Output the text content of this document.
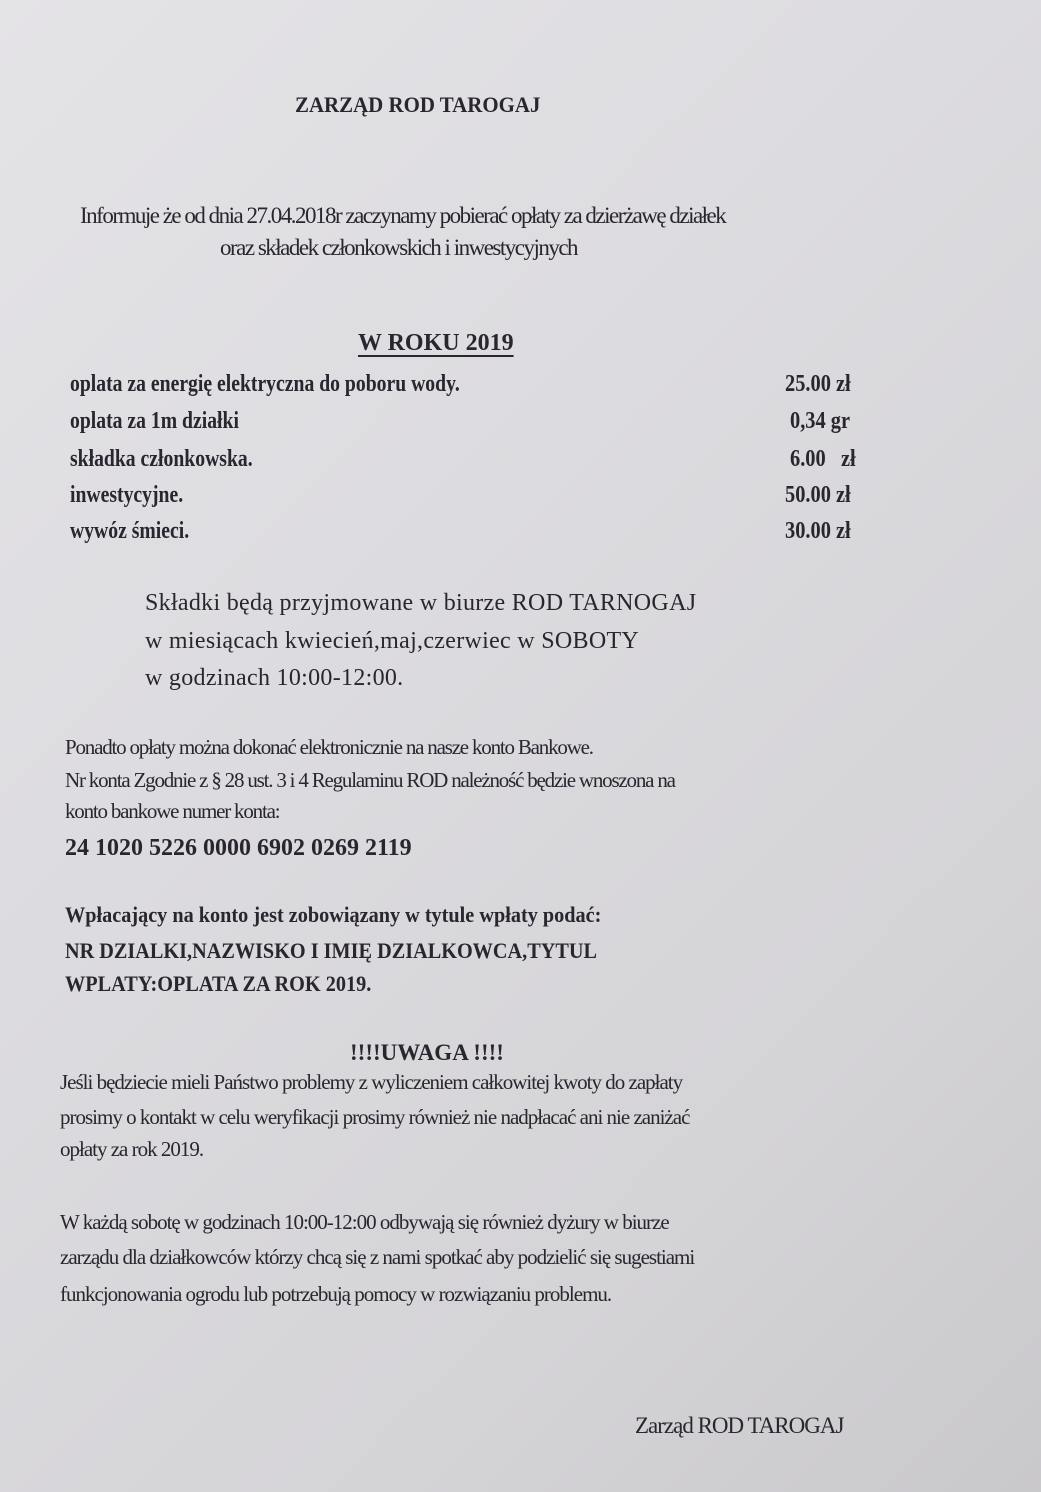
ZARZĄD ROD TAROGAJ
Informuje że od dnia 27.04.2018r zaczynamy pobierać opłaty za dzierżawę działek
oraz składek członkowskich i inwestycyjnych
W ROKU 2019
oplata za energię elektryczna do poboru wody.	25.00 zł
oplata za 1m działki	0,34 gr
składka członkowska.	6.00   zł
inwestycyjne.	50.00 zł
wywóz śmieci.	30.00 zł
Składki będą przyjmowane w biurze ROD TARNOGAJ
w miesiącach kwiecień,maj,czerwiec w SOBOTY
w godzinach 10:00-12:00.
Ponadto opłaty można dokonać elektronicznie na nasze konto Bankowe.
Nr konta Zgodnie z § 28 ust. 3 i 4 Regulaminu ROD należność będzie wnoszona na
konto bankowe numer konta:
24 1020 5226 0000 6902 0269 2119
Wpłacający na konto jest zobowiązany w tytule wpłaty podać:
NR DZIALKI,NAZWISKO I IMIĘ DZIALKOWCA,TYTUL
WPLATY:OPLATA ZA ROK 2019.
!!!!UWAGA !!!!
Jeśli będziecie mieli Państwo problemy z wyliczeniem całkowitej kwoty do zapłaty
prosimy o kontakt w celu weryfikacji prosimy również nie nadpłacać ani nie zaniżać
opłaty za rok 2019.
W każdą sobotę w godzinach 10:00-12:00 odbywają się również dyżury w biurze
zarządu dla działkowców którzy chcą się z nami spotkać aby podzielić się sugestiami
funkcjonowania ogrodu lub potrzebują pomocy w rozwiązaniu problemu.
Zarząd ROD TAROGAJ
